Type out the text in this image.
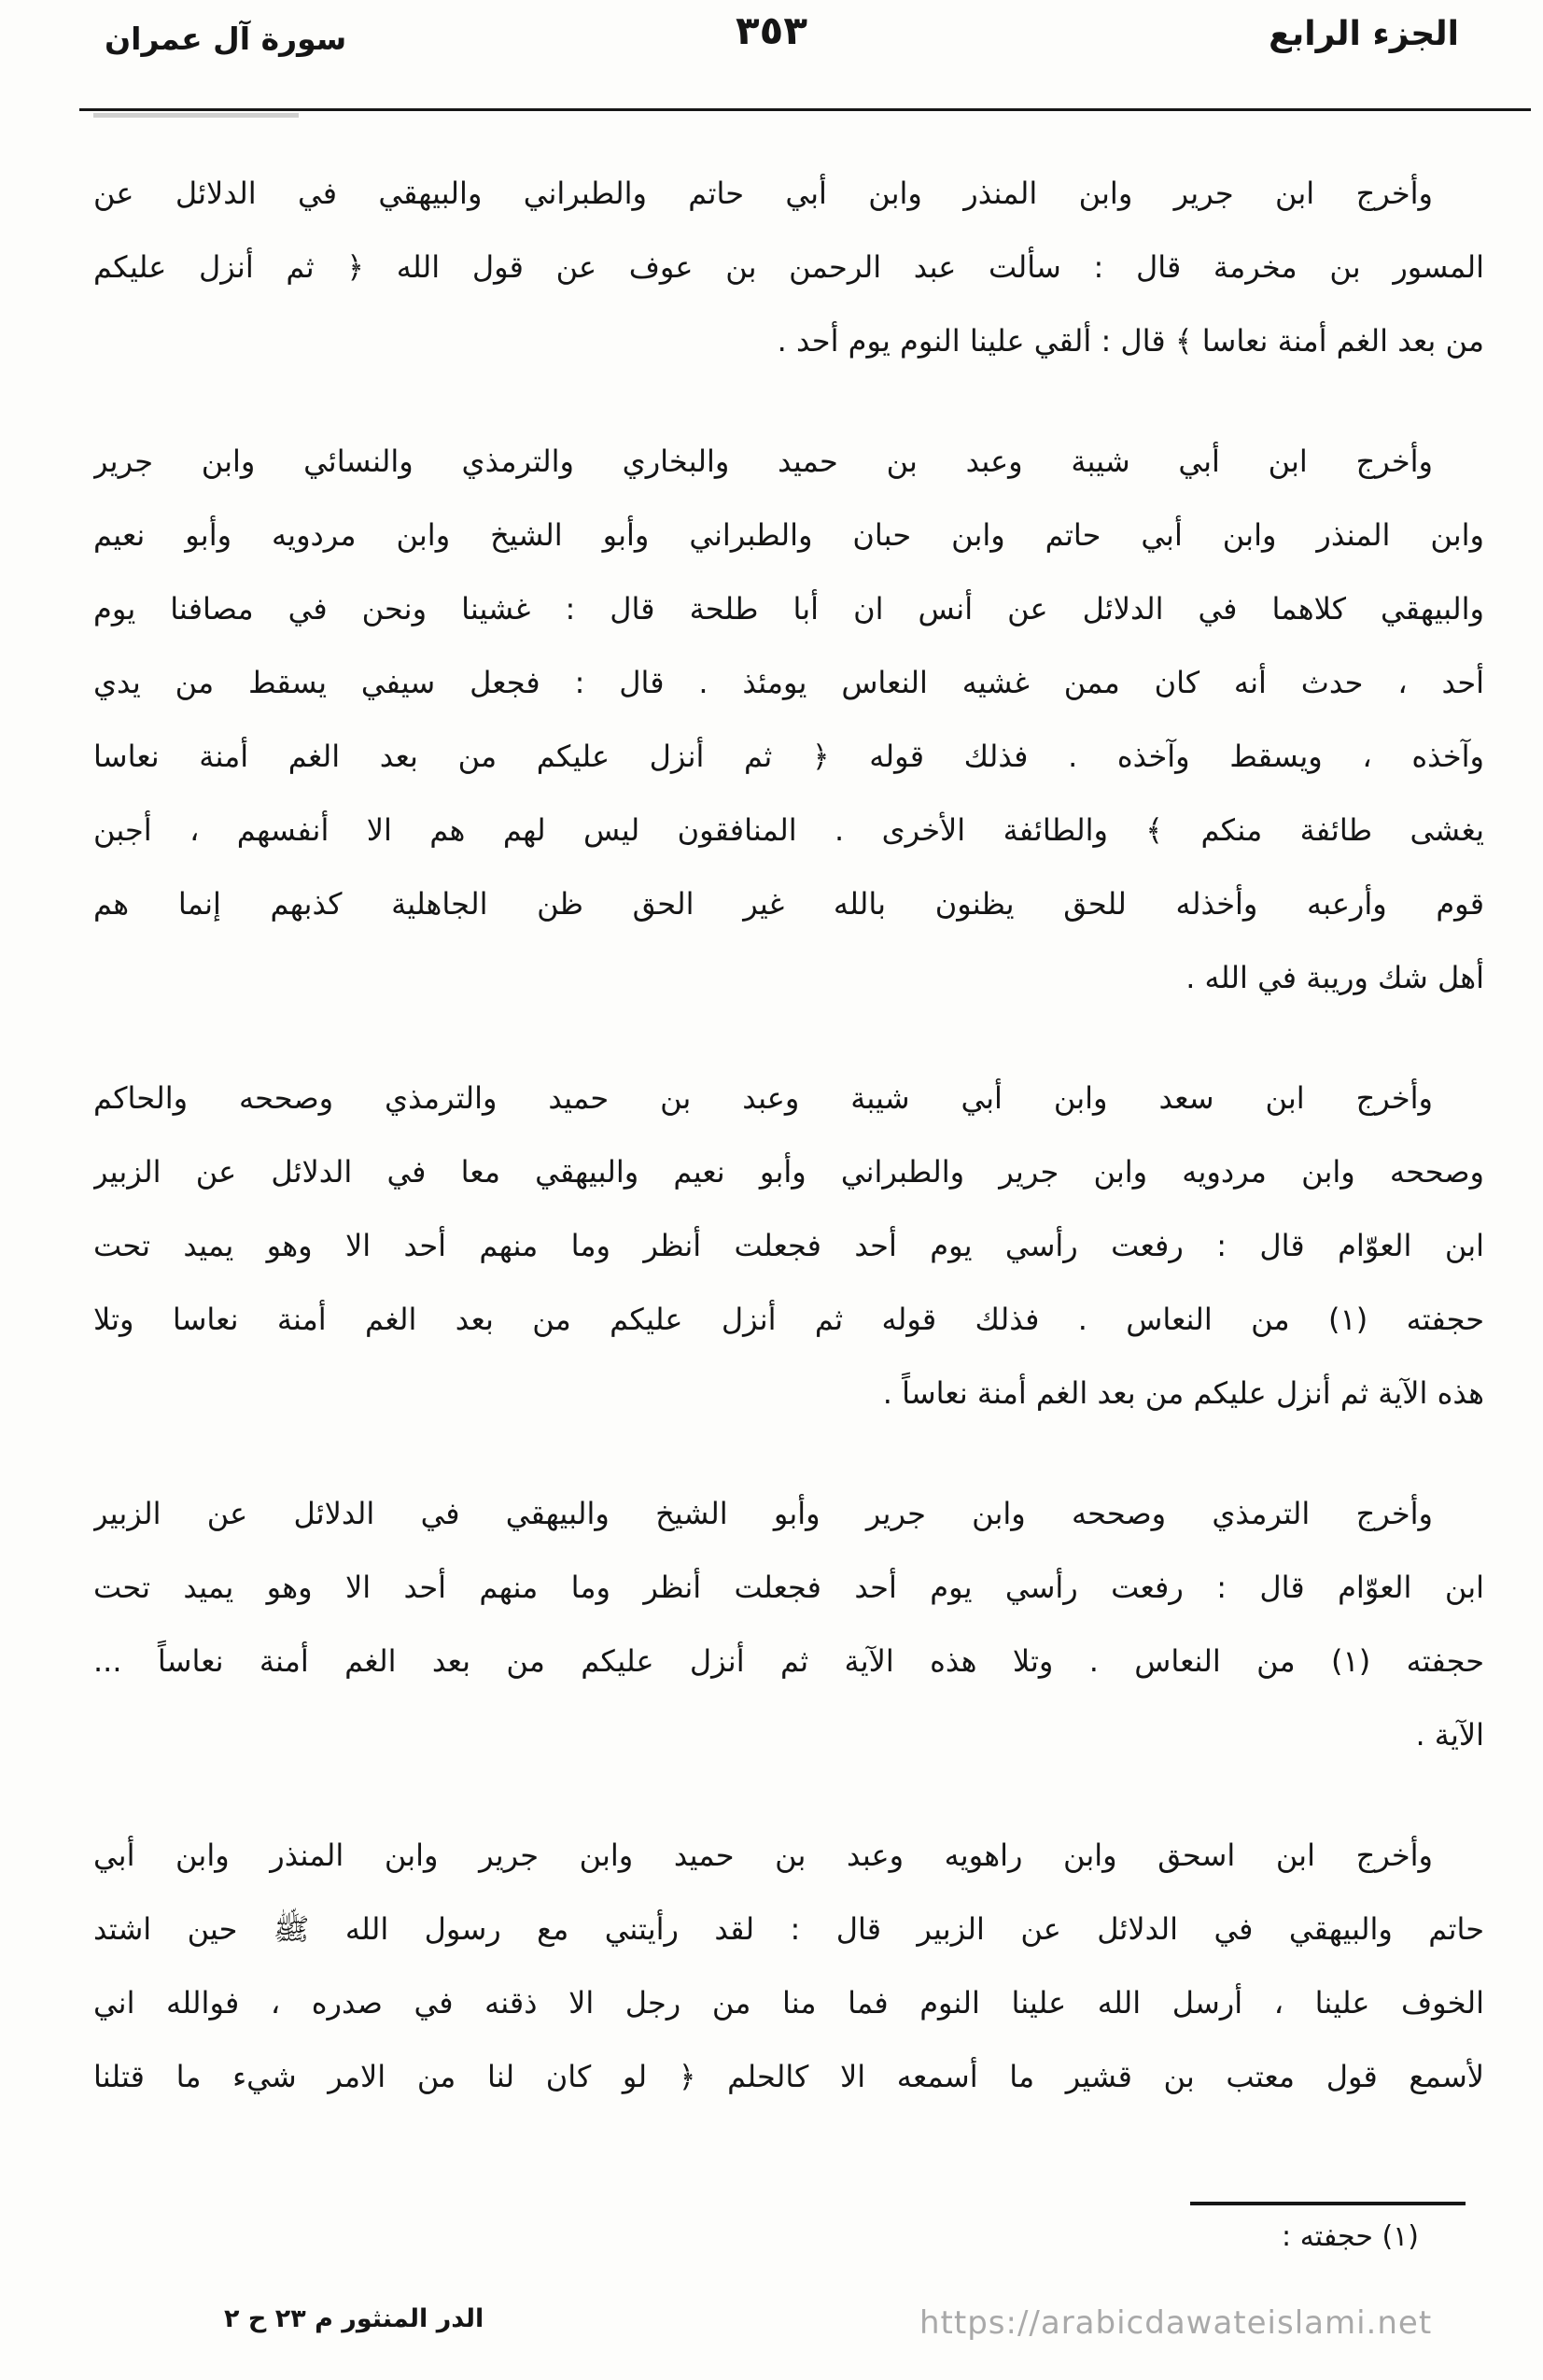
الجزء الرابع
٣٥٣
سورة آل عمران
وأخرج ابن جرير وابن المنذر وابن أبي حاتم والطبراني والبيهقي في الدلائل عن
المسور بن مخرمة قال : سألت عبد الرحمن بن عوف عن قول الله ﴿ ثم أنزل عليكم
من بعد الغم أمنة نعاسا ﴾ قال : ألقي علينا النوم يوم أحد .
وأخرج ابن أبي شيبة وعبد بن حميد والبخاري والترمذي والنسائي وابن جرير
وابن المنذر وابن أبي حاتم وابن حبان والطبراني وأبو الشيخ وابن مردويه وأبو نعيم
والبيهقي كلاهما في الدلائل عن أنس ان أبا طلحة قال : غشينا ونحن في مصافنا يوم
أحد ، حدث أنه كان ممن غشيه النعاس يومئذ . قال : فجعل سيفي يسقط من يدي
وآخذه ، ويسقط وآخذه . فذلك قوله ﴿ ثم أنزل عليكم من بعد الغم أمنة نعاسا
يغشى طائفة منكم ﴾ والطائفة الأخرى . المنافقون ليس لهم هم الا أنفسهم ، أجبن
قوم وأرعبه وأخذله للحق يظنون بالله غير الحق ظن الجاهلية كذبهم إنما هم
أهل شك وريبة في الله .
وأخرج ابن سعد وابن أبي شيبة وعبد بن حميد والترمذي وصححه والحاكم
وصححه وابن مردويه وابن جرير والطبراني وأبو نعيم والبيهقي معا في الدلائل عن الزبير
ابن العوّام قال : رفعت رأسي يوم أحد فجعلت أنظر وما منهم أحد الا وهو يميد تحت
حجفته (١) من النعاس . فذلك قوله ثم أنزل عليكم من بعد الغم أمنة نعاسا وتلا
هذه الآية ثم أنزل عليكم من بعد الغم أمنة نعاساً .
وأخرج الترمذي وصححه وابن جرير وأبو الشيخ والبيهقي في الدلائل عن الزبير
ابن العوّام قال : رفعت رأسي يوم أحد فجعلت أنظر وما منهم أحد الا وهو يميد تحت
حجفته (١) من النعاس . وتلا هذه الآية ثم أنزل عليكم من بعد الغم أمنة نعاساً ...
الآية .
وأخرج ابن اسحق وابن راهويه وعبد بن حميد وابن جرير وابن المنذر وابن أبي
حاتم والبيهقي في الدلائل عن الزبير قال : لقد رأيتني مع رسول الله ﷺ حين اشتد
الخوف علينا ، أرسل الله علينا النوم فما منا من رجل الا ذقنه في صدره ، فوالله اني
لأسمع قول معتب بن قشير ما أسمعه الا كالحلم ﴿ لو كان لنا من الامر شيء ما قتلنا
(١) حجفته :
الدر المنثور م ٢٣ ح ٢	https://arabicdawateislami.net
